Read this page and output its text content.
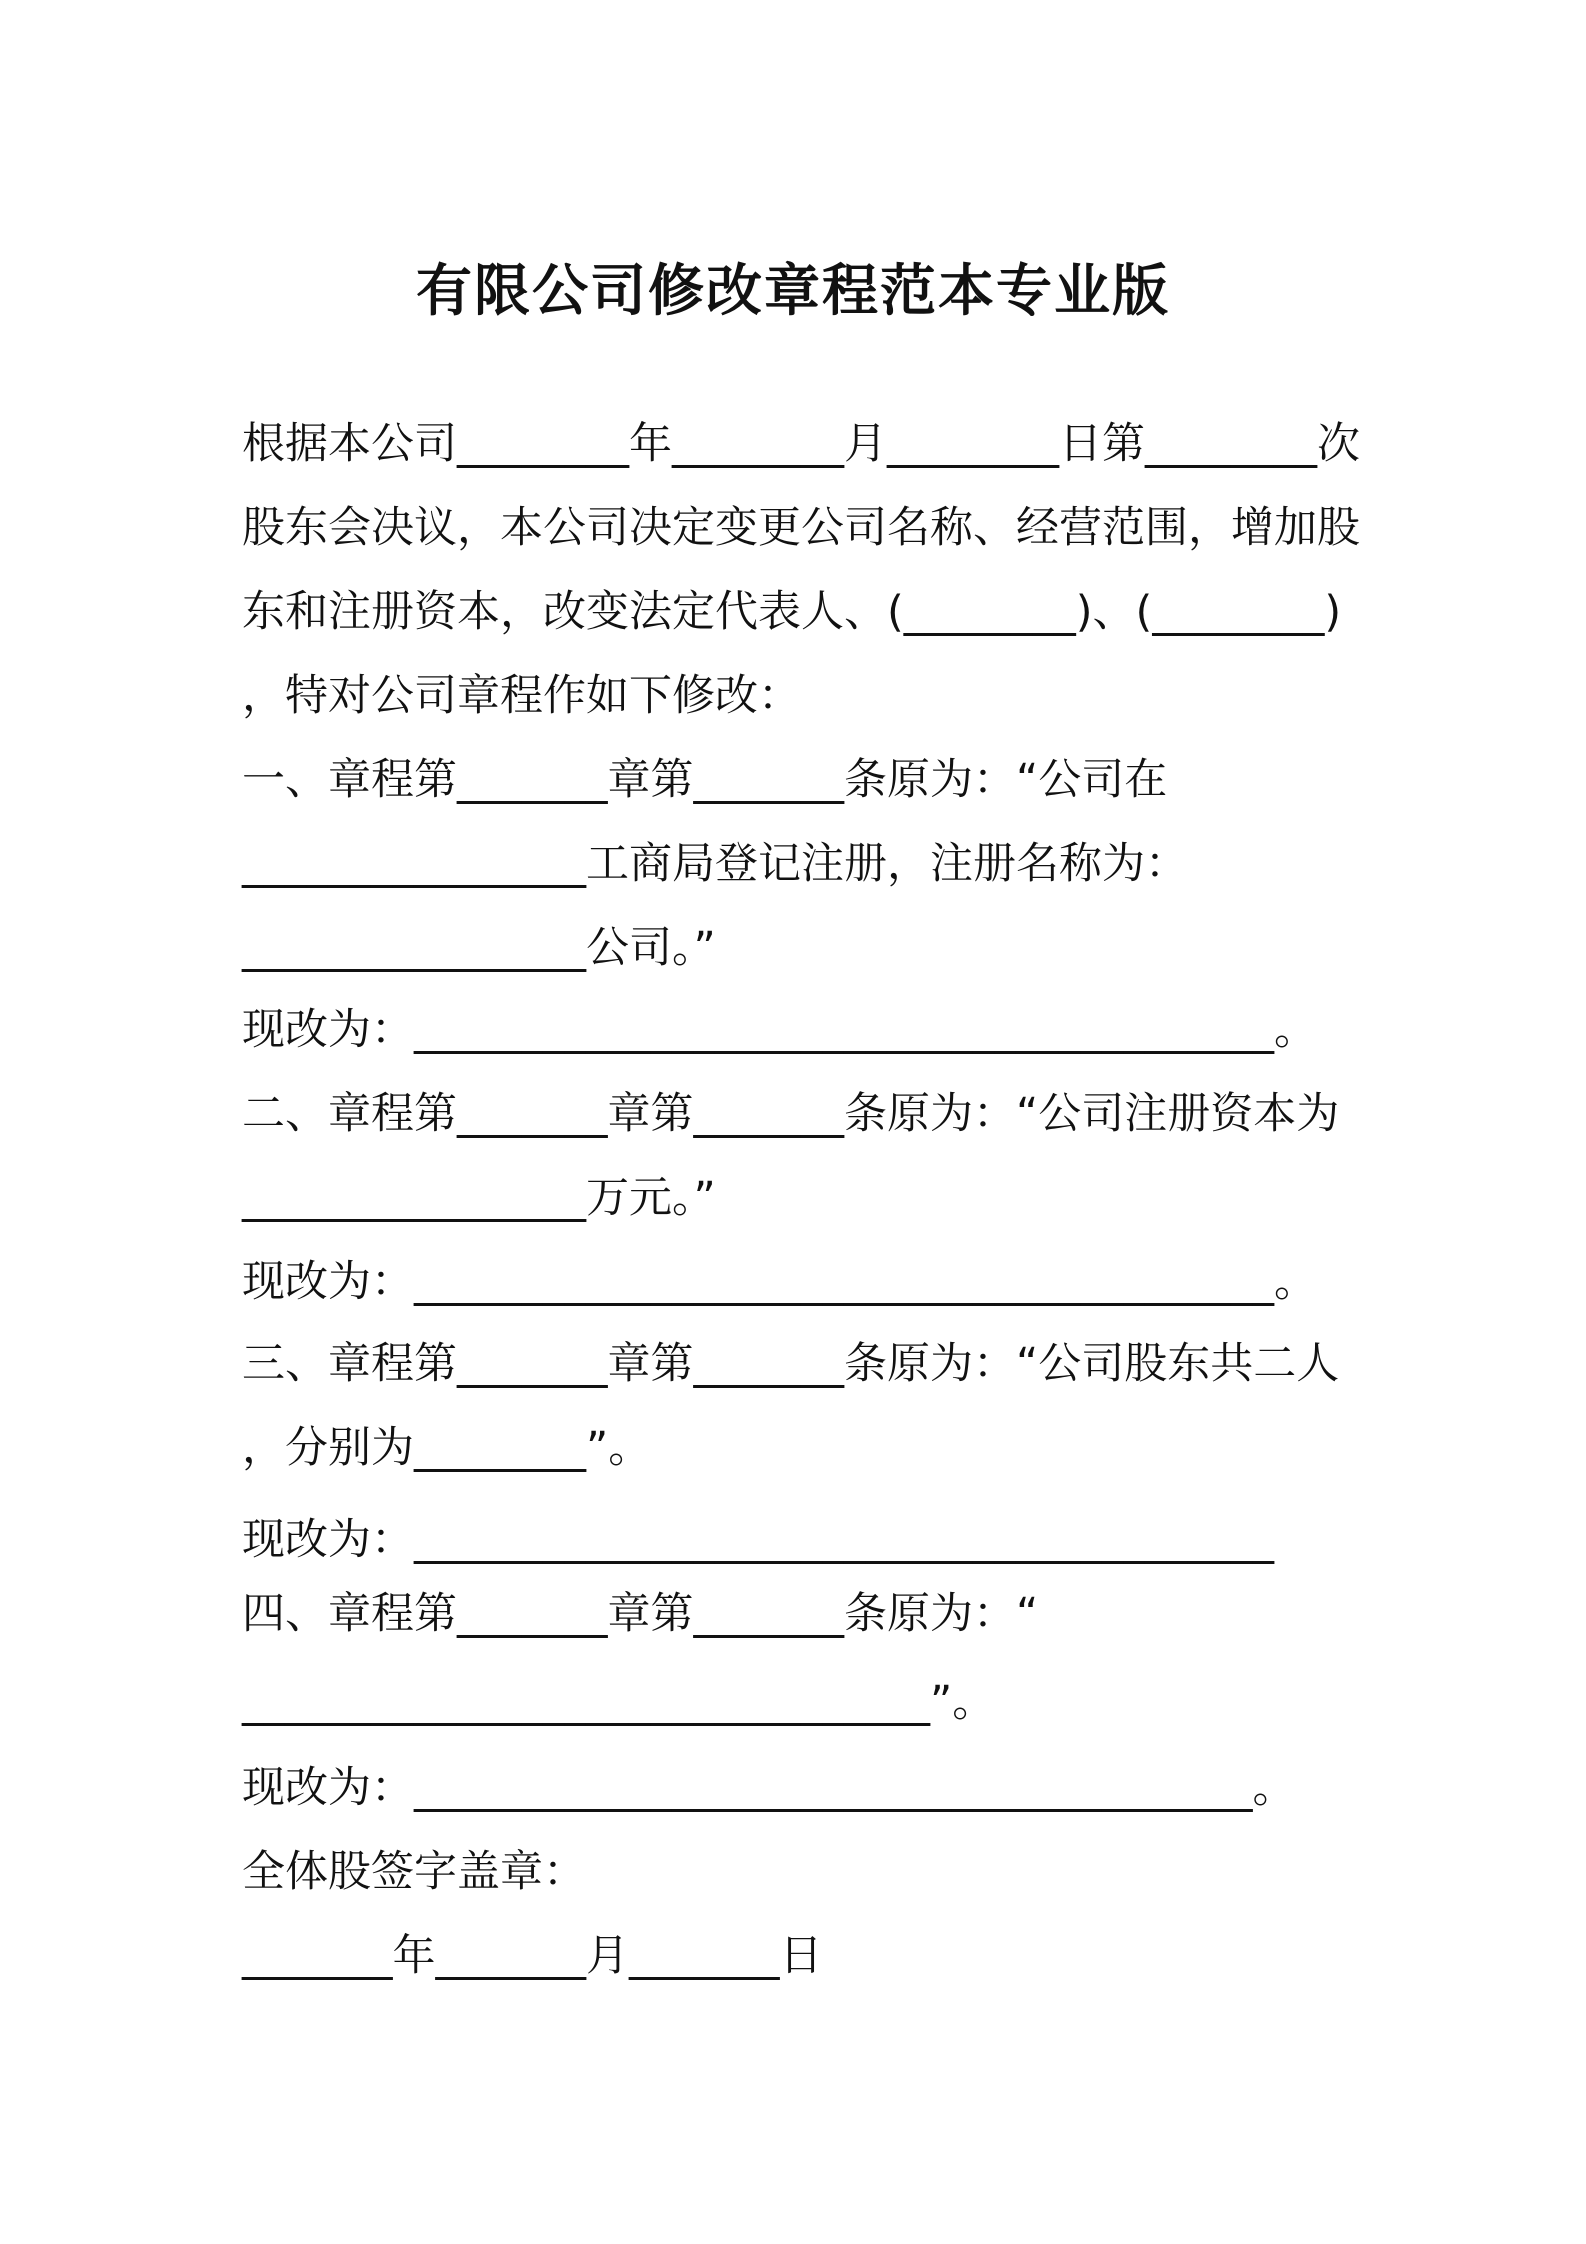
有限公司修改章程范本专业版
根据本公司________年________月________日第________次
股东会决议，本公司决定变更公司名称、经营范围，增加股
东和注册资本，改变法定代表人、(________)、(________)
，特对公司章程作如下修改：
一、章程第_______章第_______条原为：“公司在
________________工商局登记注册，注册名称为：
________________公司。”
现改为：________________________________________。
二、章程第_______章第_______条原为：“公司注册资本为
________________万元。”
现改为：________________________________________。
三、章程第_______章第_______条原为：“公司股东共二人
，分别为________”。
现改为：________________________________________
四、章程第_______章第_______条原为：“
________________________________”。
现改为：_______________________________________。
全体股签字盖章：
_______年_______月_______日
